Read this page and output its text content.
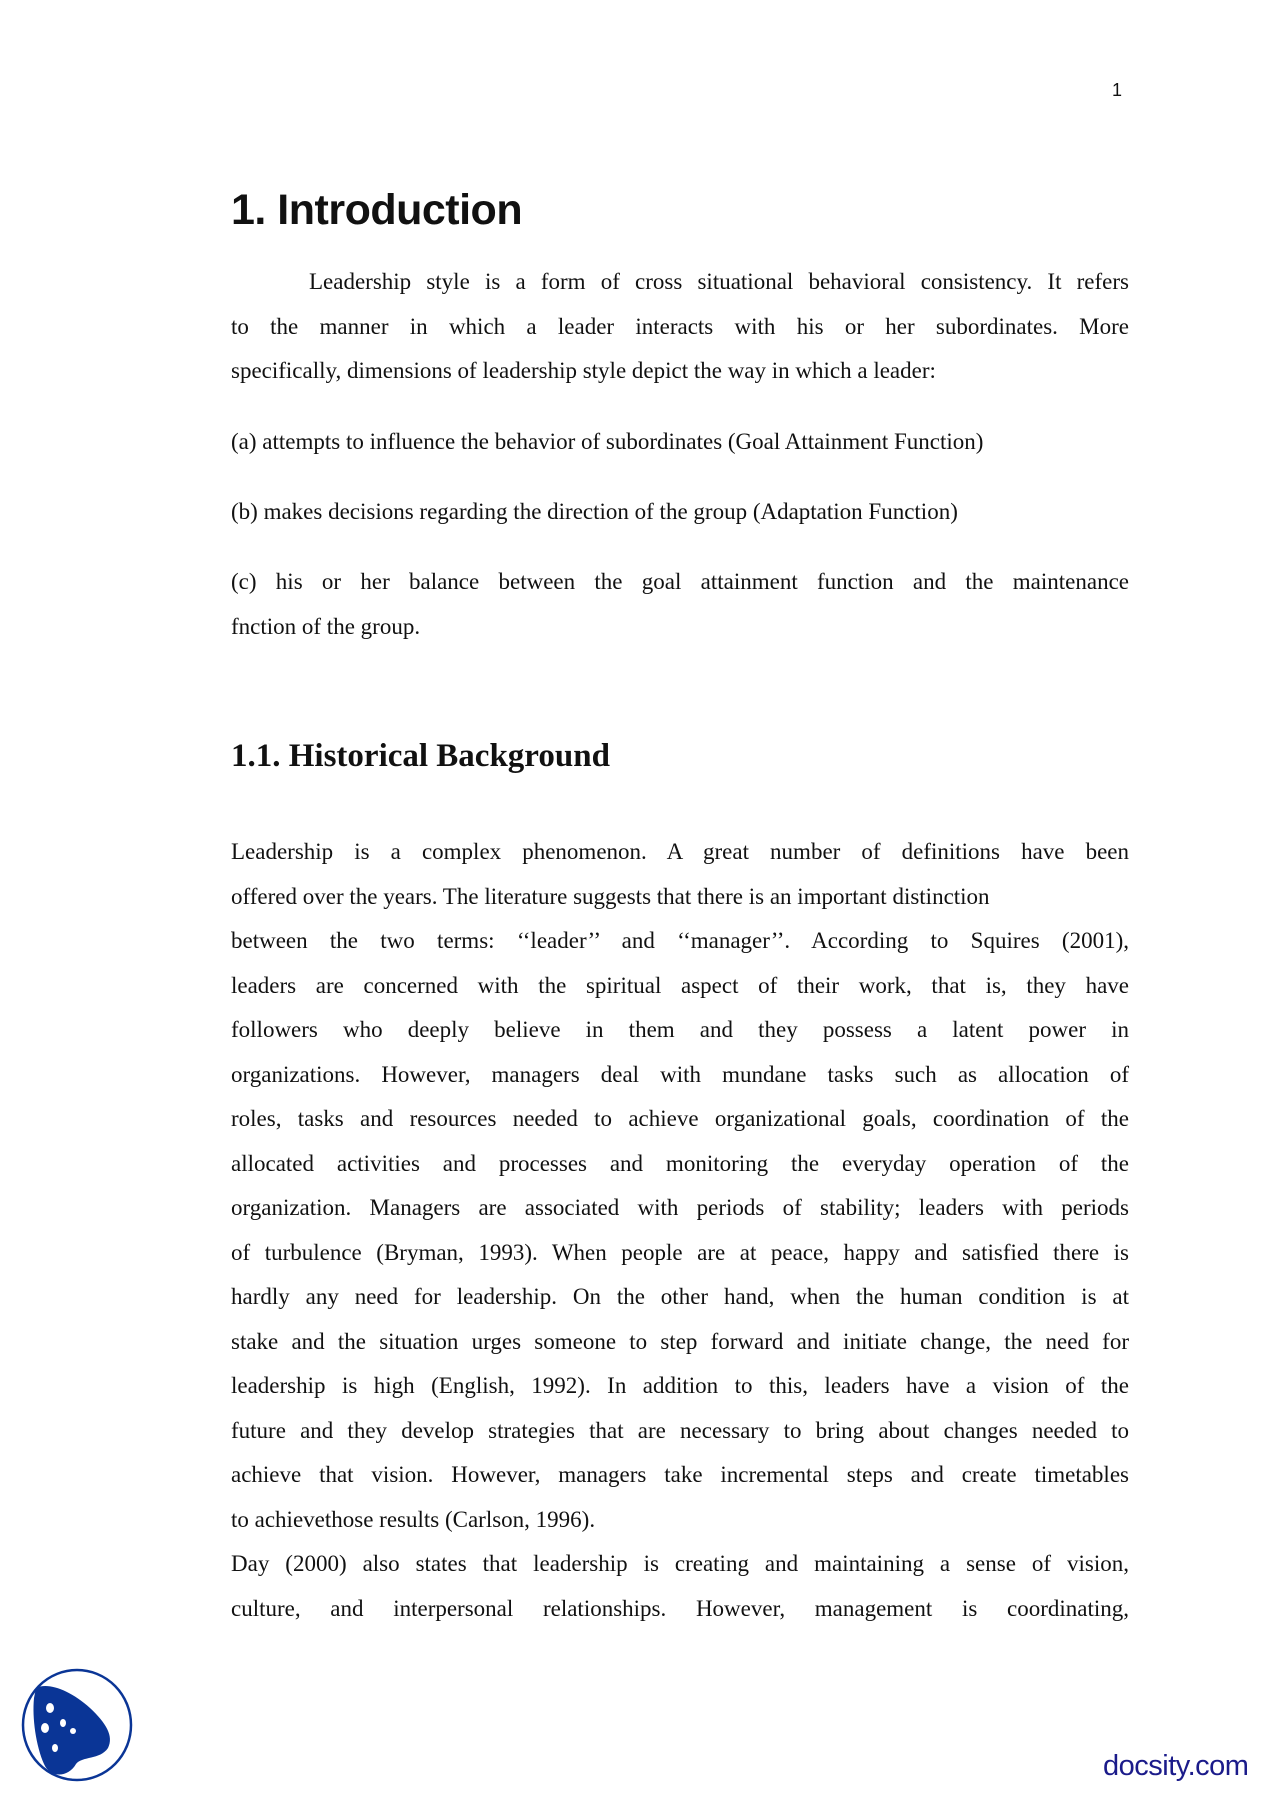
1
1. Introduction
Leadership style is a form of cross situational behavioral consistency. It refers
to the manner in which a leader interacts with his or her subordinates. More
specifically, dimensions of leadership style depict the way in which a leader:
(a) attempts to influence the behavior of subordinates (Goal Attainment Function)
(b) makes decisions regarding the direction of the group (Adaptation Function)
(c) his or her balance between the goal attainment function and the maintenance
fnction of the group.
1.1. Historical Background
Leadership is a complex phenomenon. A great number of definitions have been
offered over the years. The literature suggests that there is an important distinction
between the two terms: ‘‘leader’’ and ‘‘manager’’. According to Squires (2001),
leaders are concerned with the spiritual aspect of their work, that is, they have
followers who deeply believe in them and they possess a latent power in
organizations. However, managers deal with mundane tasks such as allocation of
roles, tasks and resources needed to achieve organizational goals, coordination of the
allocated activities and processes and monitoring the everyday operation of the
organization. Managers are associated with periods of stability; leaders with periods
of turbulence (Bryman, 1993). When people are at peace, happy and satisfied there is
hardly any need for leadership. On the other hand, when the human condition is at
stake and the situation urges someone to step forward and initiate change, the need for
leadership is high (English, 1992). In addition to this, leaders have a vision of the
future and they develop strategies that are necessary to bring about changes needed to
achieve that vision. However, managers take incremental steps and create timetables
to achievethose results (Carlson, 1996).
Day (2000) also states that leadership is creating and maintaining a sense of vision,
culture, and interpersonal relationships. However, management is coordinating,
docsity.com
